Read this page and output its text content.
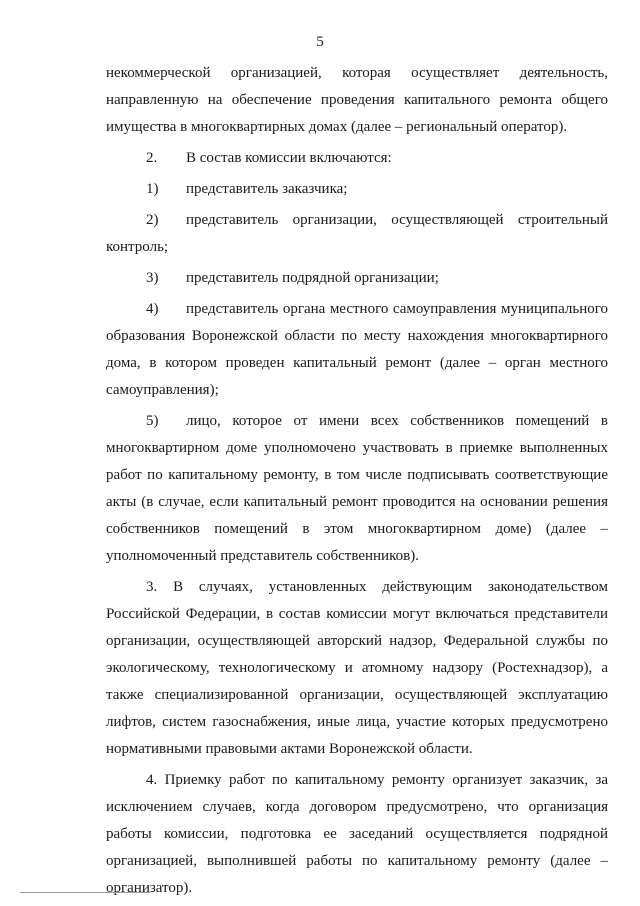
5

некоммерческой организацией, которая осуществляет деятельность, направленную на обеспечение проведения капитального ремонта общего имущества в многоквартирных домах (далее – региональный оператор).

2.	В состав комиссии включаются:
1)	представитель заказчика;

2) представитель организации, осуществляющей строительный контроль;

3)	представитель подрядной организации;

4) представитель органа местного самоуправления муниципального образования Воронежской области по месту нахождения многоквартирного дома, в котором проведен капитальный ремонт (далее – орган местного самоуправления);

5) лицо, которое от имени всех собственников помещений в многоквартирном доме уполномочено участвовать в приемке выполненных работ по капитальному ремонту, в том числе подписывать соответствующие акты (в случае, если капитальный ремонт проводится на основании решения собственников помещений в этом многоквартирном доме) (далее – уполномоченный представитель собственников).

3. В случаях, установленных действующим законодательством Российской Федерации, в состав комиссии могут включаться представители организации, осуществляющей авторский надзор, Федеральной службы по экологическому, технологическому и атомному надзору (Ростехнадзор), а также специализированной организации, осуществляющей эксплуатацию лифтов, систем газоснабжения, иные лица, участие которых предусмотрено нормативными правовыми актами Воронежской области.

4. Приемку работ по капитальному ремонту организует заказчик, за исключением случаев, когда договором предусмотрено, что организация работы комиссии, подготовка ее заседаний осуществляется подрядной организацией, выполнившей работы по капитальному ремонту (далее – организатор).
